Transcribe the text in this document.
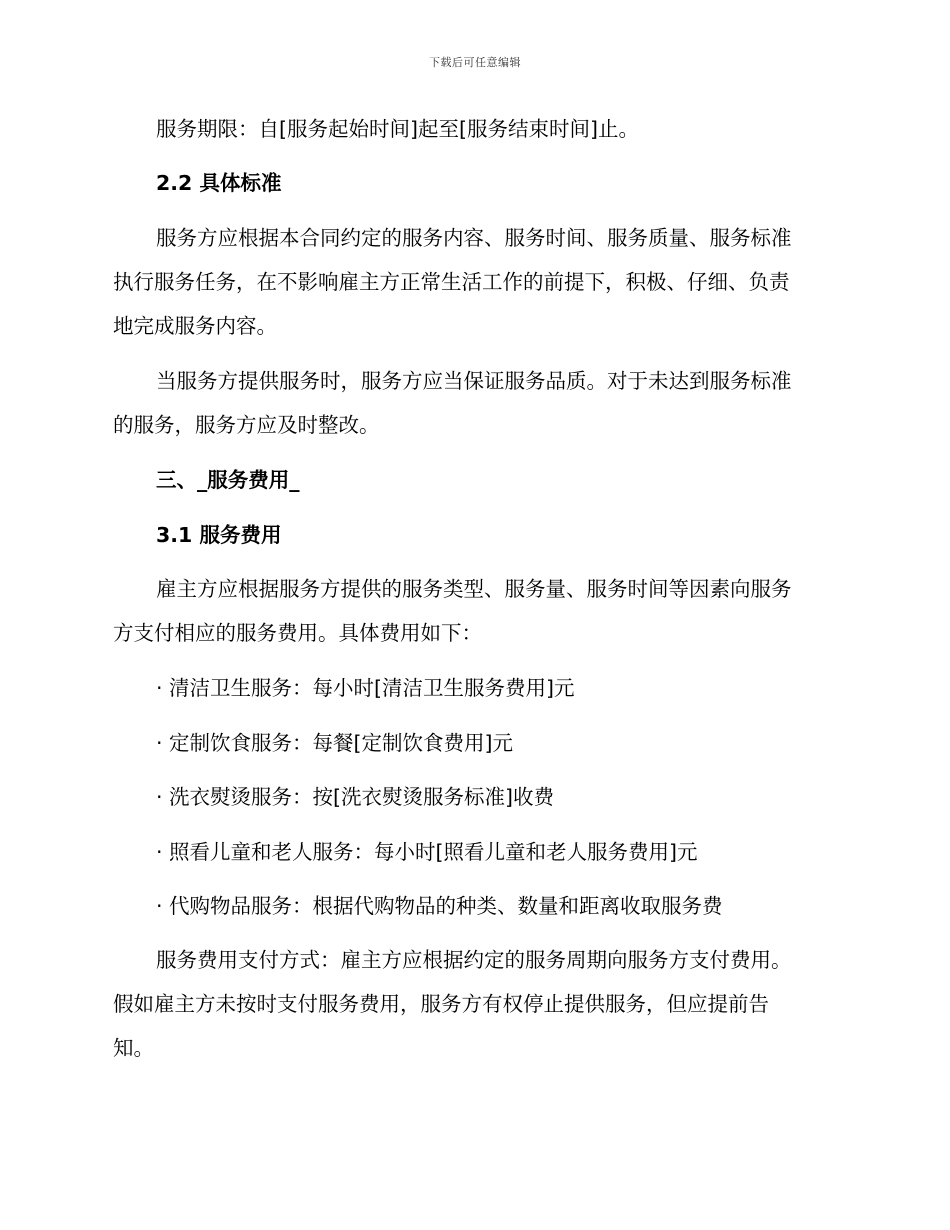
下载后可任意编辑
服务期限：自[服务起始时间]起至[服务结束时间]止。
2.2 具体标准
服务方应根据本合同约定的服务内容、服务时间、服务质量、服务标准
执行服务任务，在不影响雇主方正常生活工作的前提下，积极、仔细、负责
地完成服务内容。
当服务方提供服务时，服务方应当保证服务品质。对于未达到服务标准
的服务，服务方应及时整改。
三、_服务费用_
3.1 服务费用
雇主方应根据服务方提供的服务类型、服务量、服务时间等因素向服务
方支付相应的服务费用。具体费用如下：
· 清洁卫生服务：每小时[清洁卫生服务费用]元
· 定制饮食服务：每餐[定制饮食费用]元
· 洗衣熨烫服务：按[洗衣熨烫服务标准]收费
· 照看儿童和老人服务：每小时[照看儿童和老人服务费用]元
· 代购物品服务：根据代购物品的种类、数量和距离收取服务费
服务费用支付方式：雇主方应根据约定的服务周期向服务方支付费用。
假如雇主方未按时支付服务费用，服务方有权停止提供服务，但应提前告
知。
